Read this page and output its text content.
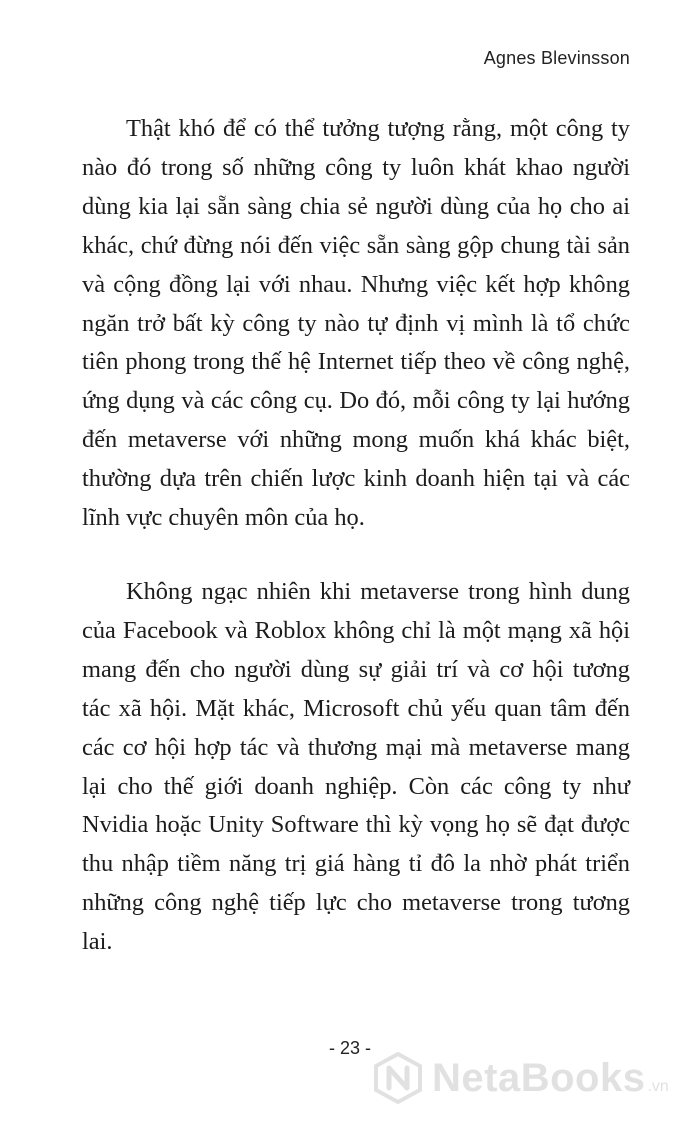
Agnes Blevinsson

Thật khó để có thể tưởng tượng rằng, một công ty nào đó trong số những công ty luôn khát khao người dùng kia lại sẵn sàng chia sẻ người dùng của họ cho ai khác, chứ đừng nói đến việc sẵn sàng gộp chung tài sản và cộng đồng lại với nhau. Nhưng việc kết hợp không ngăn trở bất kỳ công ty nào tự định vị mình là tổ chức tiên phong trong thế hệ Internet tiếp theo về công nghệ, ứng dụng và các công cụ. Do đó, mỗi công ty lại hướng đến metaverse với những mong muốn khá khác biệt, thường dựa trên chiến lược kinh doanh hiện tại và các lĩnh vực chuyên môn của họ.

Không ngạc nhiên khi metaverse trong hình dung của Facebook và Roblox không chỉ là một mạng xã hội mang đến cho người dùng sự giải trí và cơ hội tương tác xã hội. Mặt khác, Microsoft chủ yếu quan tâm đến các cơ hội hợp tác và thương mại mà metaverse mang lại cho thế giới doanh nghiệp. Còn các công ty như Nvidia hoặc Unity Software thì kỳ vọng họ sẽ đạt được thu nhập tiềm năng trị giá hàng tỉ đô la nhờ phát triển những công nghệ tiếp lực cho metaverse trong tương lai.

- 23 -
NetaBooks .vn
